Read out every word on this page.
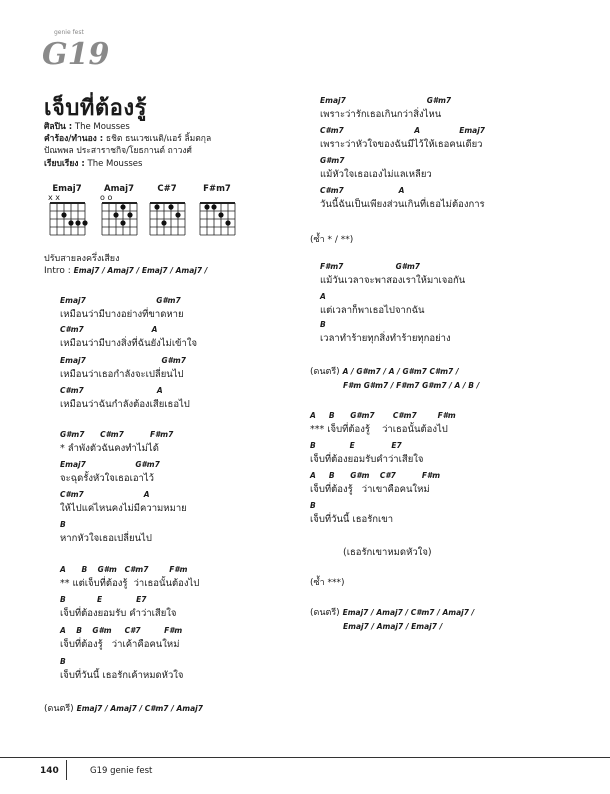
G19
genie fest
เจ็บที่ต้องรู้
ศิลปิน : The Mousses
คำร้อง/ทำนอง : ธชิต ธนเวชเนติ/แอร์ ลิ้มตกุล
ปัณพพล ประสาราชกิจ/โยธกานต์ ถาวงศ์
เรียบเรียง : The Mousses
Emaj7
x x
Amaj7
o o
C#7	F#m7
ปรับสายลงครึ่งเสียง
Intro : Emaj7 / Amaj7 / Emaj7 / Amaj7 /
Emaj7                           G#m7
เหมือนว่ามีบางอย่างที่ขาดหาย
C#m7                          A
เหมือนว่ามีบางสิ่งที่ฉันยังไม่เข้าใจ
Emaj7                             G#m7
เหมือนว่าเธอกำลังจะเปลี่ยนไป
C#m7                            A
เหมือนว่าฉันกำลังต้องเสียเธอไป
G#m7      C#m7          F#m7
* ลำพังตัวฉันคงทำไม่ได้
Emaj7                   G#m7
จะฉุดรั้งหัวใจเธอเอาไว้
C#m7                       A
ให้ไปแค่ไหนคงไม่มีความหมาย
B
หากหัวใจเธอเปลี่ยนไป
A      B    G#m   C#m7        F#m
** แต่เจ็บที่ต้องรู้  ว่าเธอนั้นต้องไป
B            E             E7
เจ็บที่ต้องยอมรับ คำว่าเสียใจ
A    B    G#m     C#7         F#m
เจ็บที่ต้องรู้   ว่าเค้าคือคนใหม่
B
เจ็บที่วันนี้ เธอรักเค้าหมดหัวใจ
(ดนตรี) Emaj7 / Amaj7 / C#m7 / Amaj7
Emaj7                               G#m7
เพราะว่ารักเธอเกินกว่าสิ่งไหน
C#m7                           A               Emaj7
เพราะว่าหัวใจของฉันมีไว้ให้เธอคนเดียว
G#m7
แม้หัวใจเธอเองไม่แลเหลียว
C#m7                     A
วันนี้ฉันเป็นเพียงส่วนเกินที่เธอไม่ต้องการ
(ซ้ำ * / **)
F#m7                    G#m7
แม้วันเวลาจะพาสองเราให้มาเจอกัน
A
แต่เวลาก็พาเธอไปจากฉัน
B
เวลาทำร้ายทุกสิ่งทำร้ายทุกอย่าง
(ดนตรี) A / G#m7 / A / G#m7 C#m7 /
F#m G#m7 / F#m7 G#m7 / A / B /
A     B      G#m7       C#m7        F#m
*** เจ็บที่ต้องรู้    ว่าเธอนั้นต้องไป
B             E              E7
เจ็บที่ต้องยอมรับคำว่าเสียใจ
A     B      G#m    C#7          F#m
เจ็บที่ต้องรู้   ว่าเขาคือคนใหม่
B
เจ็บที่วันนี้ เธอรักเขา
(เธอรักเขาหมดหัวใจ)
(ซ้ำ ***)
(ดนตรี) Emaj7 / Amaj7 / C#m7 / Amaj7 /
Emaj7 / Amaj7 / Emaj7 /
140	G19 genie fest
